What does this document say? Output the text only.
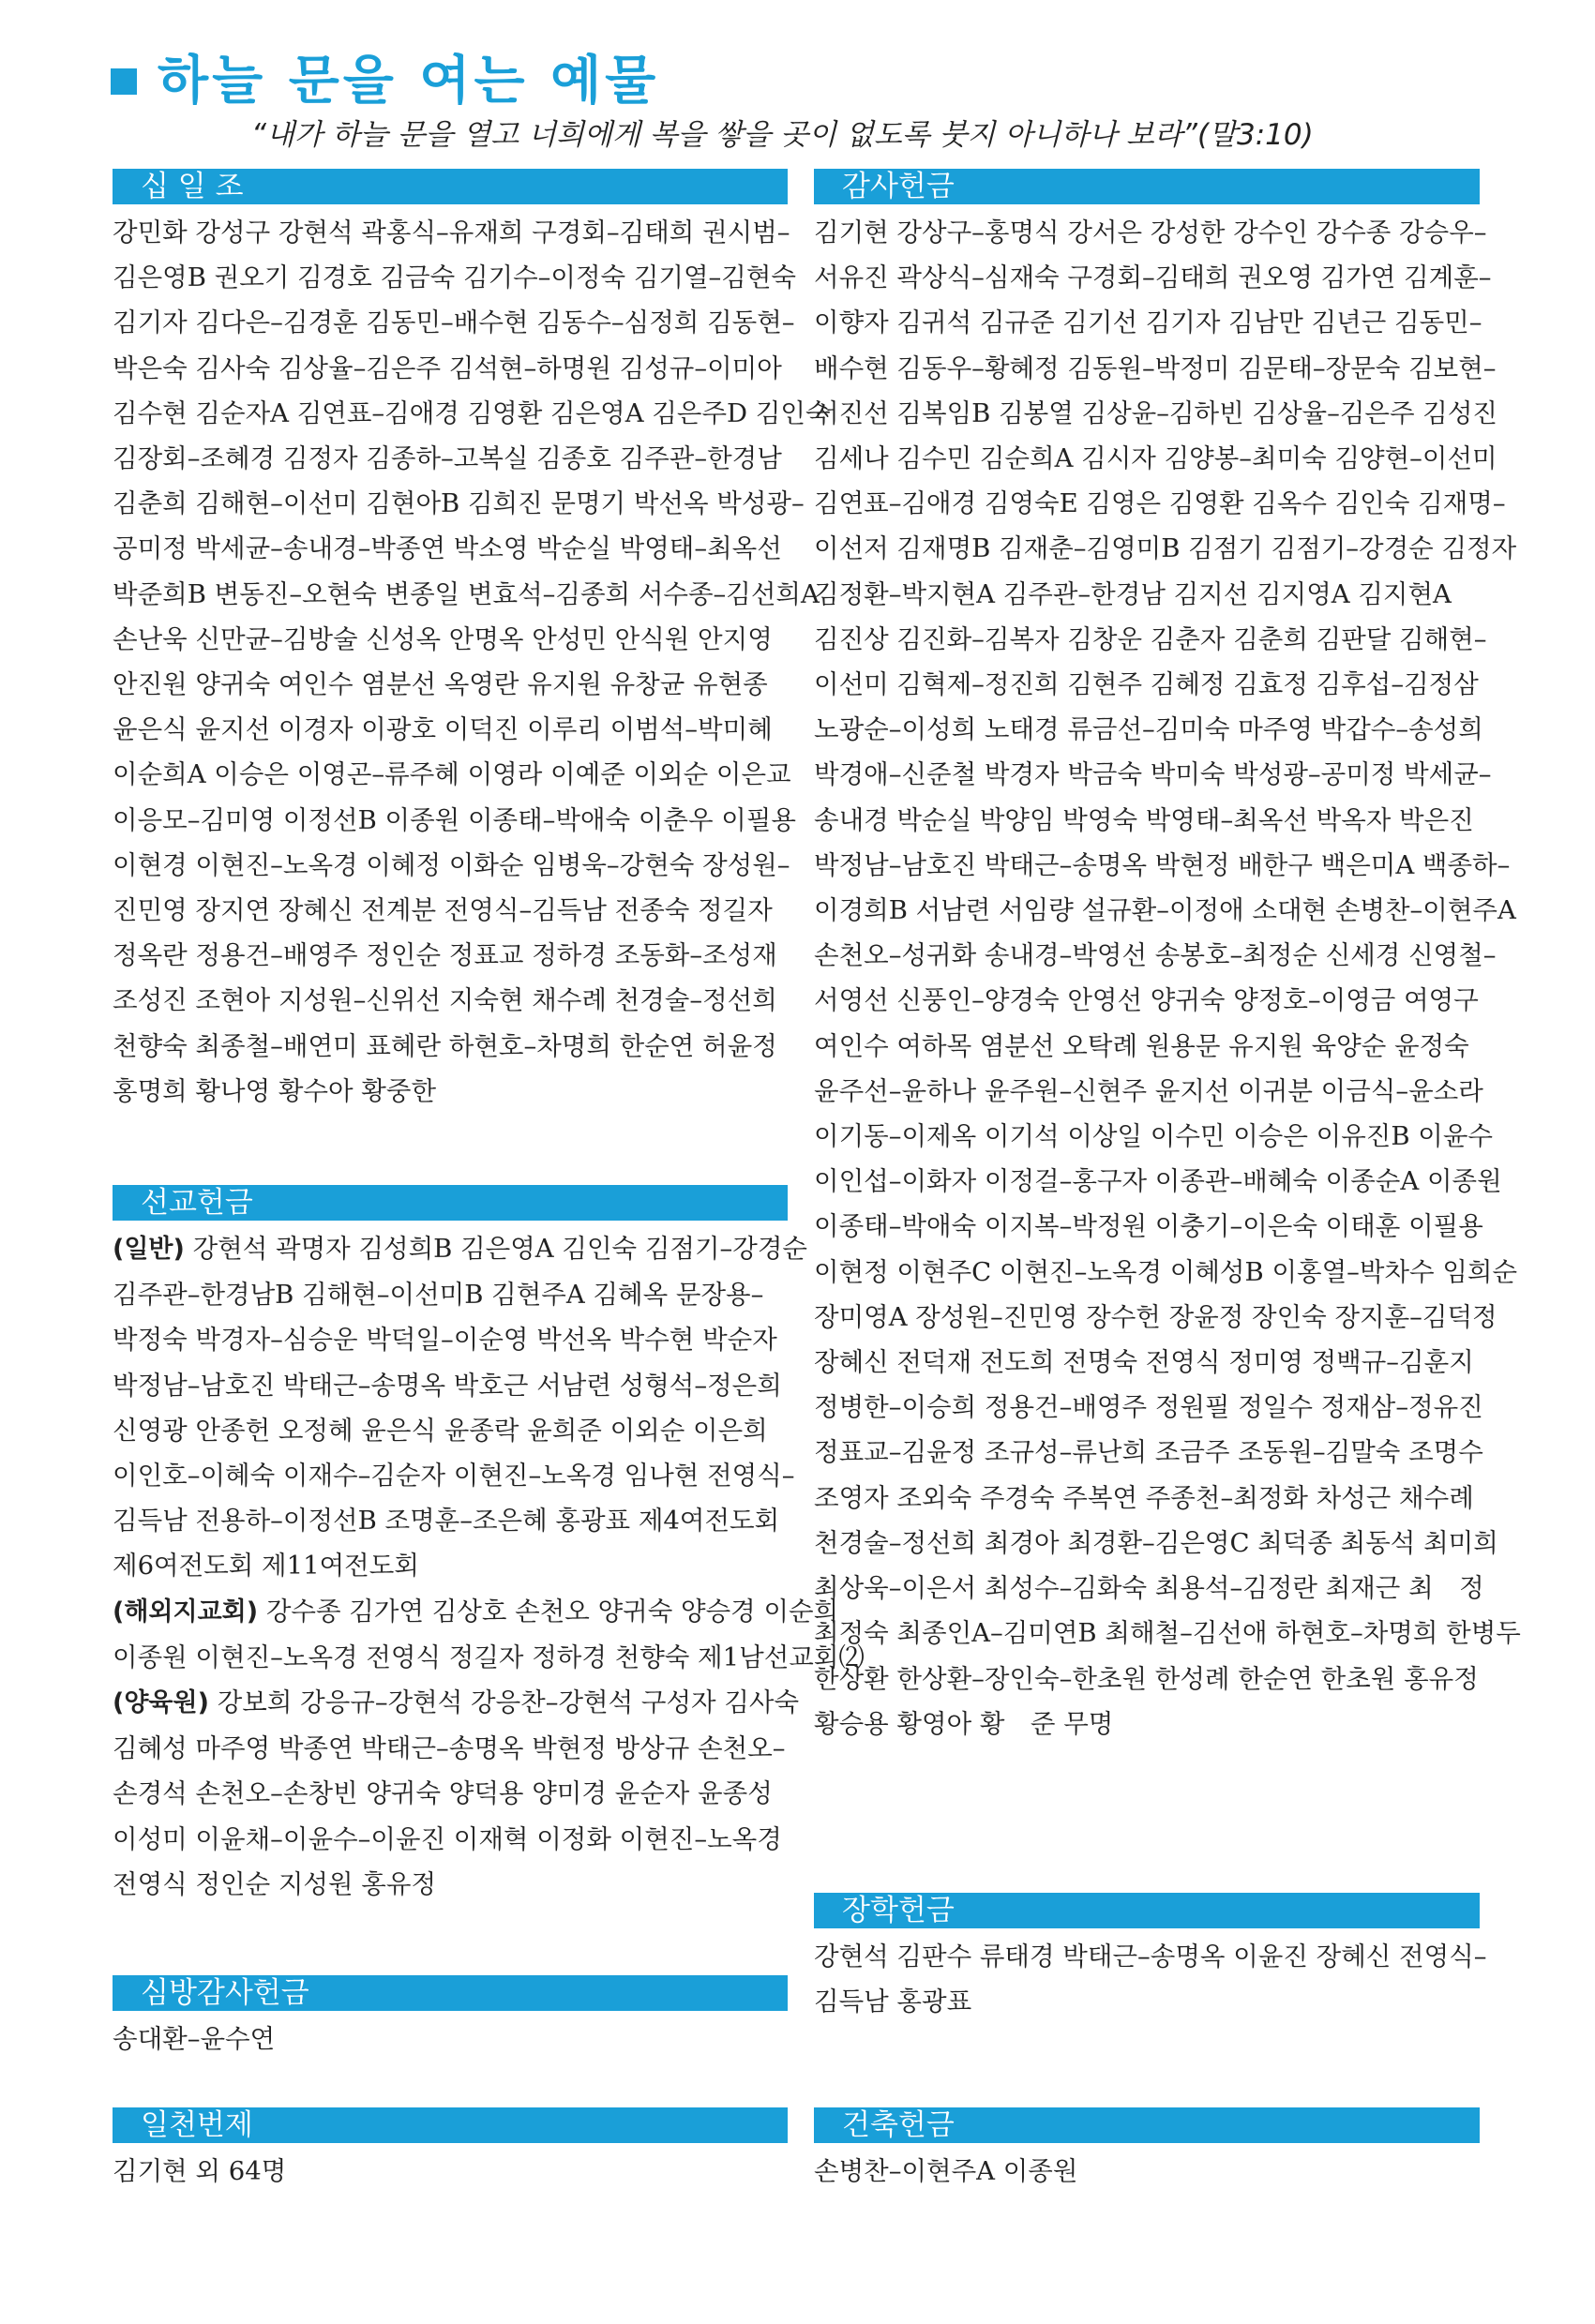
하늘 문을 여는 예물
“내가 하늘 문을 열고 너희에게 복을 쌓을 곳이 없도록 붓지 아니하나 보라”(말3:10)
십 일 조
강민화 강성구 강현석 곽홍식–유재희 구경회–김태희 권시범–
김은영B 권오기 김경호 김금숙 김기수–이정숙 김기열–김현숙
김기자 김다은–김경훈 김동민–배수현 김동수–심정희 김동현–
박은숙 김사숙 김상율–김은주 김석현–하명원 김성규–이미아
김수현 김순자A 김연표–김애경 김영환 김은영A 김은주D 김인숙
김장회–조혜경 김정자 김종하–고복실 김종호 김주관–한경남
김춘희 김해현–이선미 김현아B 김희진 문명기 박선옥 박성광–
공미정 박세균–송내경–박종연 박소영 박순실 박영태–최옥선
박준희B 변동진–오현숙 변종일 변효석–김종희 서수종–김선희A
손난욱 신만균–김방술 신성옥 안명옥 안성민 안식원 안지영
안진원 양귀숙 여인수 염분선 옥영란 유지원 유창균 유현종
윤은식 윤지선 이경자 이광호 이덕진 이루리 이범석–박미혜
이순희A 이승은 이영곤–류주혜 이영라 이예준 이외순 이은교
이응모–김미영 이정선B 이종원 이종태–박애숙 이춘우 이필용
이현경 이현진–노옥경 이혜정 이화순 임병욱–강현숙 장성원–
진민영 장지연 장혜신 전계분 전영식–김득남 전종숙 정길자
정옥란 정용건–배영주 정인순 정표교 정하경 조동화–조성재
조성진 조현아 지성원–신위선 지숙현 채수례 천경술–정선희
천향숙 최종철–배연미 표혜란 하현호–차명희 한순연 허윤정
홍명희 황나영 황수아 황중한
선교헌금
(일반) 강현석 곽명자 김성희B 김은영A 김인숙 김점기–강경순
김주관–한경남B 김해현–이선미B 김현주A 김혜옥 문장용–
박정숙 박경자–심승운 박덕일–이순영 박선옥 박수현 박순자
박정남–남호진 박태근–송명옥 박호근 서남련 성형석–정은희
신영광 안종헌 오정혜 윤은식 윤종락 윤희준 이외순 이은희
이인호–이혜숙 이재수–김순자 이현진–노옥경 임나현 전영식–
김득남 전용하–이정선B 조명훈–조은혜 홍광표 제4여전도회
제6여전도회 제11여전도회
(해외지교회) 강수종 김가연 김상호 손천오 양귀숙 양승경 이순희
이종원 이현진–노옥경 전영식 정길자 정하경 천향숙 제1남선교회⑵
(양육원) 강보희 강응규–강현석 강응찬–강현석 구성자 김사숙
김혜성 마주영 박종연 박태근–송명옥 박현정 방상규 손천오–
손경석 손천오–손창빈 양귀숙 양덕용 양미경 윤순자 윤종성
이성미 이윤채–이윤수–이윤진 이재혁 이정화 이현진–노옥경
전영식 정인순 지성원 홍유정
심방감사헌금
송대환–윤수연
일천번제
김기현 외 64명
감사헌금
김기현 강상구–홍명식 강서은 강성한 강수인 강수종 강승우–
서유진 곽상식–심재숙 구경회–김태희 권오영 김가연 김계훈–
이향자 김귀석 김규준 김기선 김기자 김남만 김년근 김동민–
배수현 김동우–황혜정 김동원–박정미 김문태–장문숙 김보현–
서진선 김복임B 김봉열 김상윤–김하빈 김상율–김은주 김성진
김세나 김수민 김순희A 김시자 김양봉–최미숙 김양현–이선미
김연표–김애경 김영숙E 김영은 김영환 김옥수 김인숙 김재명–
이선저 김재명B 김재춘–김영미B 김점기 김점기–강경순 김정자
김정환–박지현A 김주관–한경남 김지선 김지영A 김지현A
김진상 김진화–김복자 김창운 김춘자 김춘희 김판달 김해현–
이선미 김혁제–정진희 김현주 김혜정 김효정 김후섭–김정삼
노광순–이성희 노태경 류금선–김미숙 마주영 박갑수–송성희
박경애–신준철 박경자 박금숙 박미숙 박성광–공미정 박세균–
송내경 박순실 박양임 박영숙 박영태–최옥선 박옥자 박은진
박정남–남호진 박태근–송명옥 박현정 배한구 백은미A 백종하–
이경희B 서남련 서임량 설규환–이정애 소대현 손병찬–이현주A
손천오–성귀화 송내경–박영선 송봉호–최정순 신세경 신영철–
서영선 신풍인–양경숙 안영선 양귀숙 양정호–이영금 여영구
여인수 여하목 염분선 오탁례 원용문 유지원 육양순 윤정숙
윤주선–윤하나 윤주원–신현주 윤지선 이귀분 이금식–윤소라
이기동–이제옥 이기석 이상일 이수민 이승은 이유진B 이윤수
이인섭–이화자 이정걸–홍구자 이종관–배혜숙 이종순A 이종원
이종태–박애숙 이지복–박정원 이충기–이은숙 이태훈 이필용
이현정 이현주C 이현진–노옥경 이혜성B 이홍열–박차수 임희순
장미영A 장성원–진민영 장수헌 장윤정 장인숙 장지훈–김덕정
장혜신 전덕재 전도희 전명숙 전영식 정미영 정백규–김훈지
정병한–이승희 정용건–배영주 정원필 정일수 정재삼–정유진
정표교–김윤정 조규성–류난희 조금주 조동원–김말숙 조명수
조영자 조외숙 주경숙 주복연 주종천–최정화 차성근 채수례
천경술–정선희 최경아 최경환–김은영C 최덕종 최동석 최미희
최상욱–이은서 최성수–김화숙 최용석–김정란 최재근 최　정
최정숙 최종인A–김미연B 최해철–김선애 하현호–차명희 한병두
한상환 한상환–장인숙–한초원 한성례 한순연 한초원 홍유정
황승용 황영아 황　준 무명
장학헌금
강현석 김판수 류태경 박태근–송명옥 이윤진 장혜신 전영식–
김득남 홍광표
건축헌금
손병찬–이현주A 이종원
